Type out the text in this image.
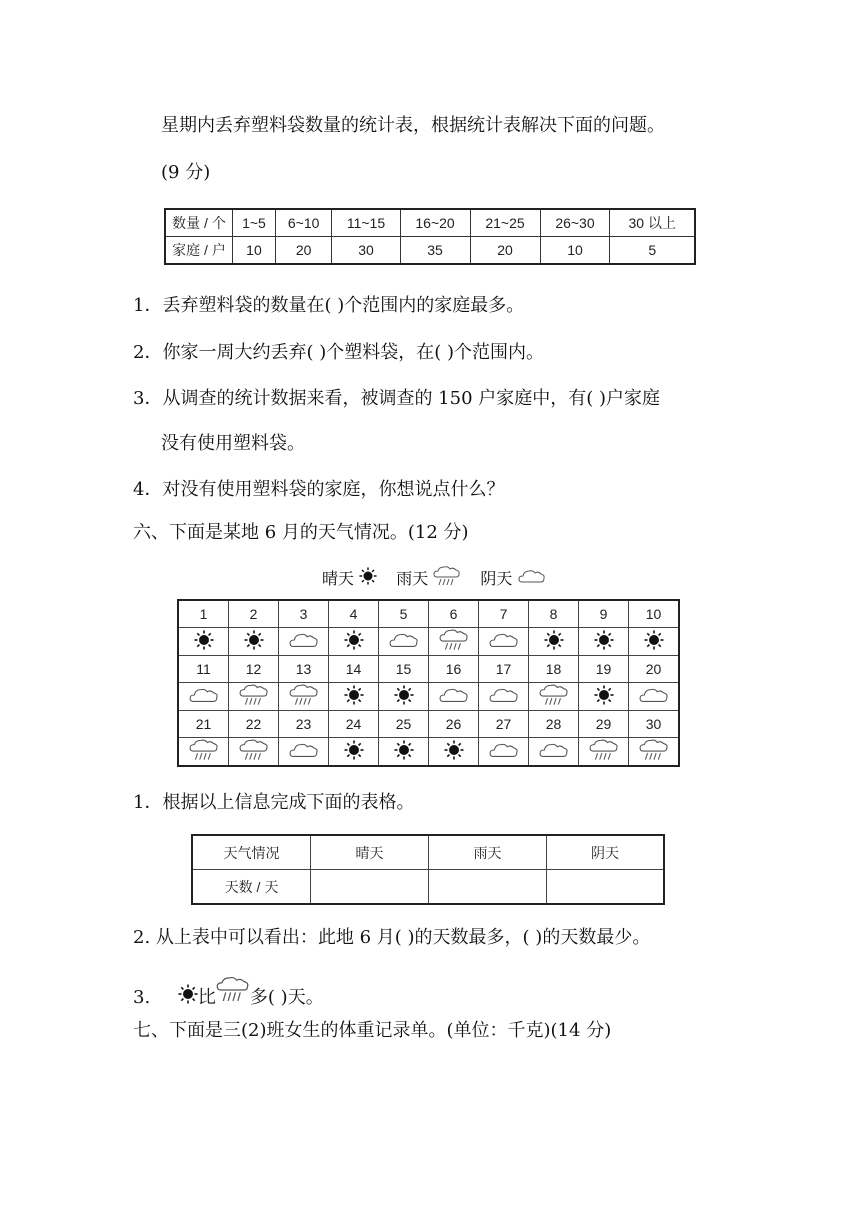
星期内丢弃塑料袋数量的统计表，根据统计表解决下面的问题。
(9 分)
数量 / 个	1~5	6~10	11~15	16~20	21~25	26~30	30 以上
家庭 / 户	10	20	30	35	20	10	5
1．丢弃塑料袋的数量在( )个范围内的家庭最多。
2．你家一周大约丢弃( )个塑料袋，在( )个范围内。
3．从调查的统计数据来看，被调查的 150 户家庭中，有( )户家庭
没有使用塑料袋。
4．对没有使用塑料袋的家庭，你想说点什么？
六、下面是某地 6 月的天气情况。(12 分)
晴天	雨天	阴天
1	2	3	4	5	6	7	8	9	10

11	12	13	14	15	16	17	18	19	20

21	22	23	24	25	26	27	28	29	30

1．根据以上信息完成下面的表格。
天气情况	晴天	雨天	阴天
天数 / 天			
2. 从上表中可以看出：此地 6 月( )的天数最多，( )的天数最少。
3.	比 多( )天。
七、下面是三(2)班女生的体重记录单。(单位：千克)(14 分)
